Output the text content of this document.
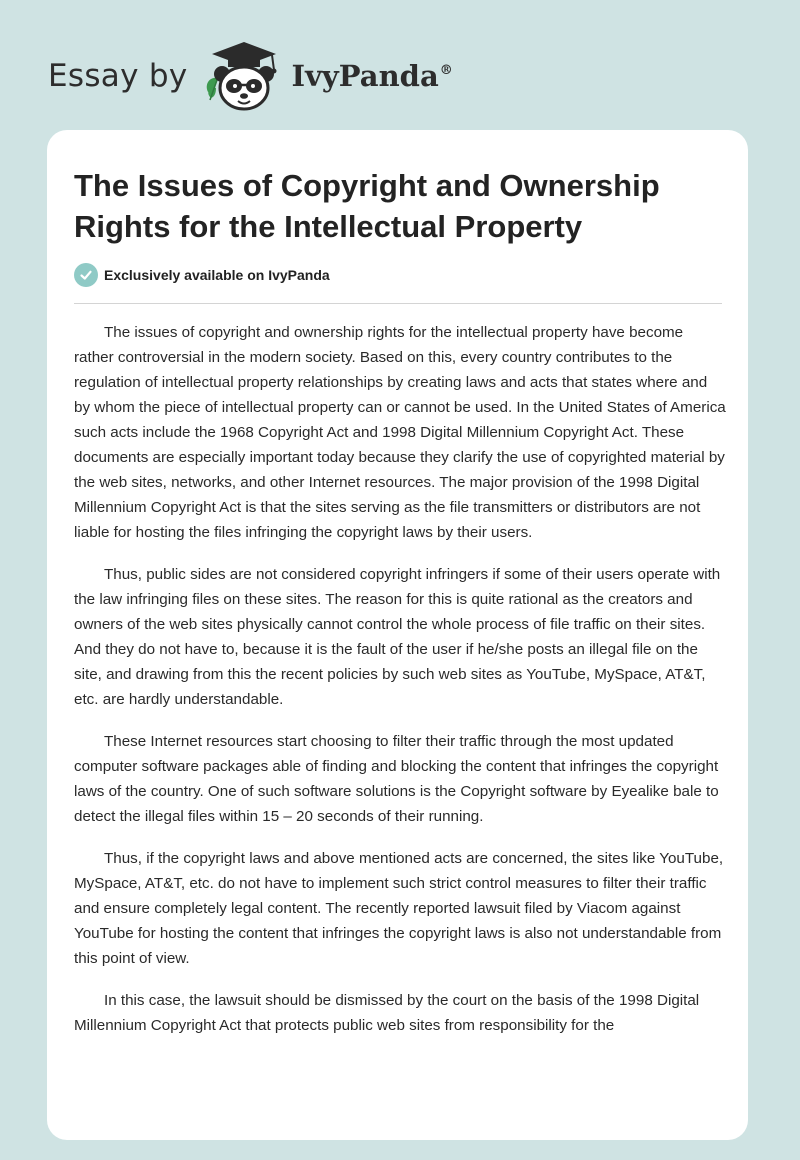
Essay by	IvyPanda®
The Issues of Copyright and Ownership Rights for the Intellectual Property
Exclusively available on IvyPanda

The issues of copyright and ownership rights for the intellectual property have become rather controversial in the modern society. Based on this, every country contributes to the regulation of intellectual property relationships by creating laws and acts that states where and by whom the piece of intellectual property can or cannot be used. In the United States of America such acts include the 1968 Copyright Act and 1998 Digital Millennium Copyright Act. These documents are especially important today because they clarify the use of copyrighted material by the web sites, networks, and other Internet resources. The major provision of the 1998 Digital Millennium Copyright Act is that the sites serving as the file transmitters or distributors are not liable for hosting the files infringing the copyright laws by their users.

Thus, public sides are not considered copyright infringers if some of their users operate with the law infringing files on these sites. The reason for this is quite rational as the creators and owners of the web sites physically cannot control the whole process of file traffic on their sites. And they do not have to, because it is the fault of the user if he/she posts an illegal file on the site, and drawing from this the recent policies by such web sites as YouTube, MySpace, AT&T, etc. are hardly understandable.

These Internet resources start choosing to filter their traffic through the most updated computer software packages able of finding and blocking the content that infringes the copyright laws of the country. One of such software solutions is the Copyright software by Eyealike bale to detect the illegal files within 15 – 20 seconds of their running.

Thus, if the copyright laws and above mentioned acts are concerned, the sites like YouTube, MySpace, AT&T, etc. do not have to implement such strict control measures to filter their traffic and ensure completely legal content. The recently reported lawsuit filed by Viacom against YouTube for hosting the content that infringes the copyright laws is also not understandable from this point of view.

In this case, the lawsuit should be dismissed by the court on the basis of the 1998 Digital Millennium Copyright Act that protects public web sites from responsibility for the
